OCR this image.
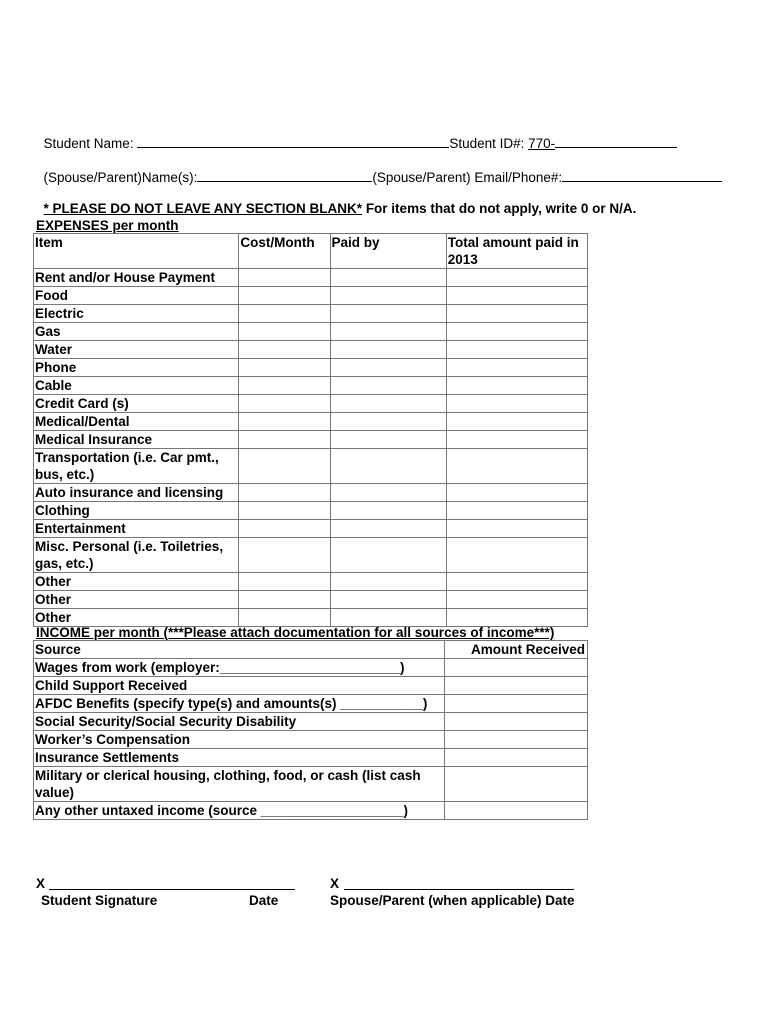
Student Name:	Student ID#: 770-

(Spouse/Parent)Name(s):	(Spouse/Parent) Email/Phone#:

* PLEASE DO NOT LEAVE ANY SECTION BLANK* For items that do not apply, write 0 or N/A.

EXPENSES per month
Item	Cost/Month	Paid by	Total amount paid in 2013
Rent and/or House Payment			
Food			
Electric			
Gas			
Water			
Phone			
Cable			
Credit Card (s)			
Medical/Dental			
Medical Insurance			
Transportation (i.e. Car pmt., bus, etc.)			
Auto insurance and licensing			
Clothing			
Entertainment			
Misc. Personal (i.e. Toiletries, gas, etc.)			
Other			
Other			
Other			
INCOME per month (***Please attach documentation for all sources of income***)
Source	Amount Received
Wages from work (employer:________________________)	
Child Support Received	
AFDC Benefits (specify type(s) and amounts(s) ___________)	
Social Security/Social Security Disability	
Worker’s Compensation	
Insurance Settlements	
Military or clerical housing, clothing, food, or cash (list cash value)	
Any other untaxed income (source ___________________)	
X
Student Signature	Date
X
Spouse/Parent (when applicable) Date
